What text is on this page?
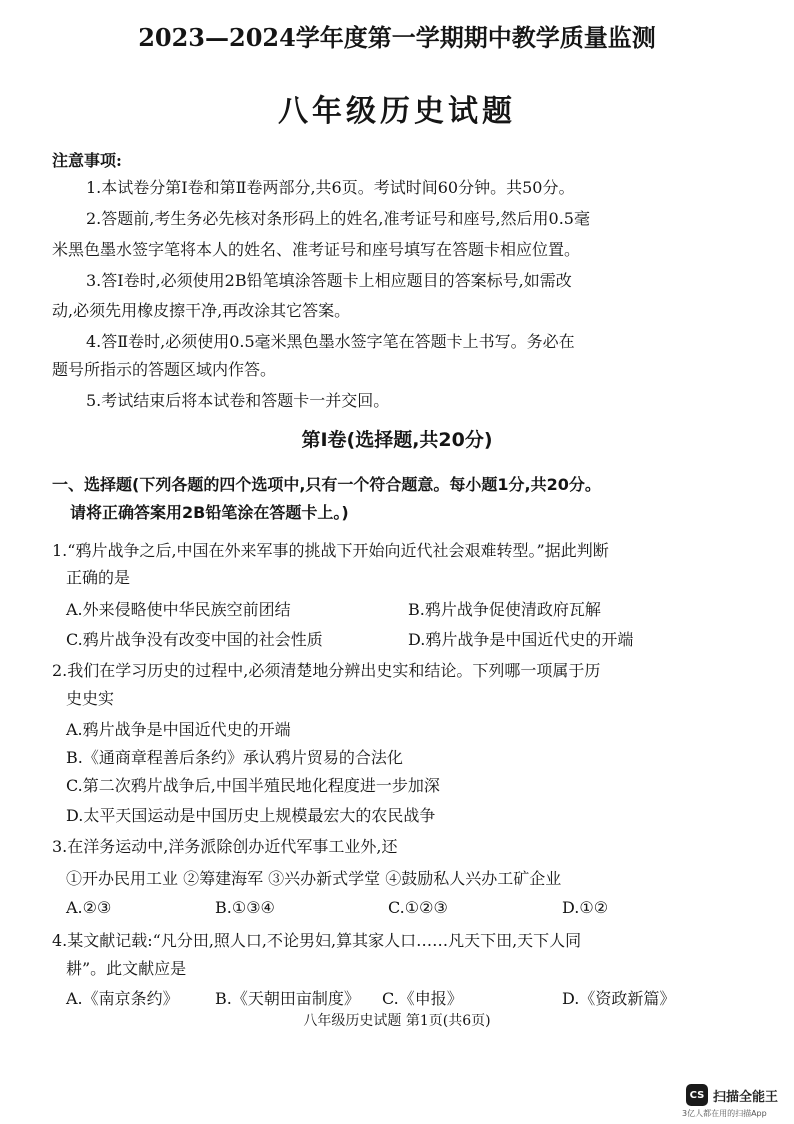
2023—2024学年度第一学期期中教学质量监测
八年级历史试题
注意事项:
1.本试卷分第Ⅰ卷和第Ⅱ卷两部分,共6页。考试时间60分钟。共50分。
2.答题前,考生务必先核对条形码上的姓名,准考证号和座号,然后用0.5毫
米黑色墨水签字笔将本人的姓名、准考证号和座号填写在答题卡相应位置。
3.答Ⅰ卷时,必须使用2B铅笔填涂答题卡上相应题目的答案标号,如需改
动,必须先用橡皮擦干净,再改涂其它答案。
4.答Ⅱ卷时,必须使用0.5毫米黑色墨水签字笔在答题卡上书写。务必在
题号所指示的答题区域内作答。
5.考试结束后将本试卷和答题卡一并交回。
第Ⅰ卷(选择题,共20分)
一、选择题(下列各题的四个选项中,只有一个符合题意。每小题1分,共20分。
请将正确答案用2B铅笔涂在答题卡上。)
1.“鸦片战争之后,中国在外来军事的挑战下开始向近代社会艰难转型。”据此判断
正确的是
A.外来侵略使中华民族空前团结	B.鸦片战争促使清政府瓦解
C.鸦片战争没有改变中国的社会性质	D.鸦片战争是中国近代史的开端
2.我们在学习历史的过程中,必须清楚地分辨出史实和结论。下列哪一项属于历
史史实
A.鸦片战争是中国近代史的开端
B.《通商章程善后条约》承认鸦片贸易的合法化
C.第二次鸦片战争后,中国半殖民地化程度进一步加深
D.太平天国运动是中国历史上规模最宏大的农民战争
3.在洋务运动中,洋务派除创办近代军事工业外,还
①开办民用工业 ②筹建海军 ③兴办新式学堂 ④鼓励私人兴办工矿企业
A.②③	B.①③④	C.①②③	D.①②
4.某文献记载:“凡分田,照人口,不论男妇,算其家人口……凡天下田,天下人同
耕”。此文献应是
A.《南京条约》 B.《天朝田亩制度》 C.《申报》	D.《资政新篇》
八年级历史试题 第1页(共6页)
CS 扫描全能王
3亿人都在用的扫描App
